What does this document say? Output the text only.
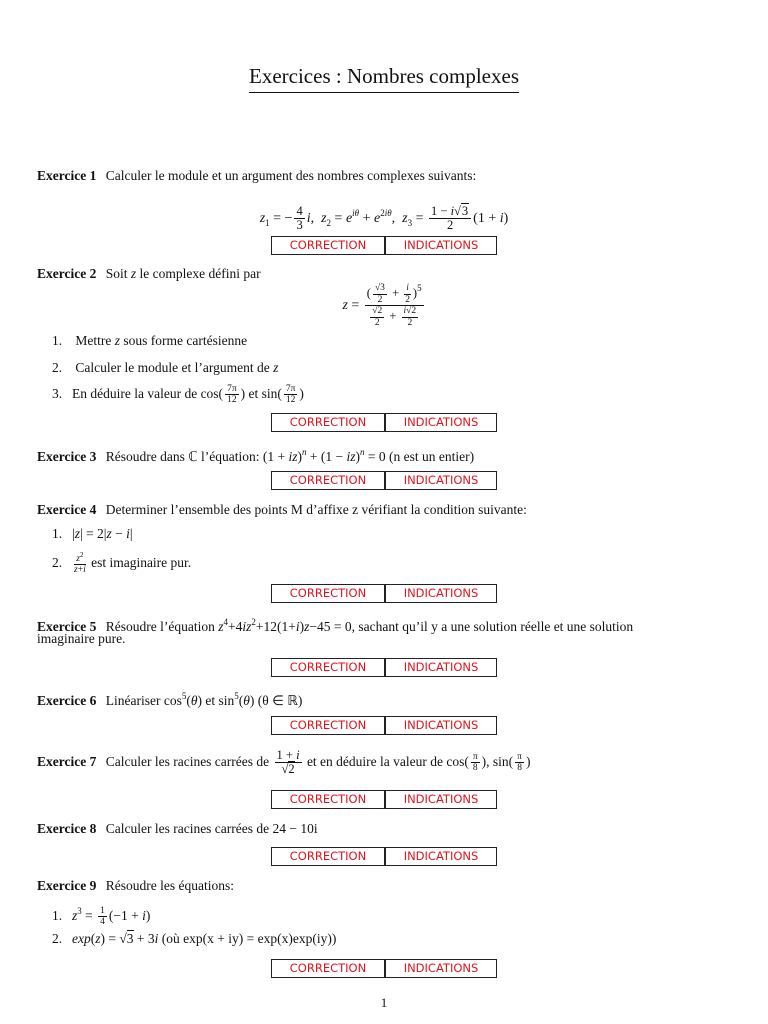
Exercices : Nombres complexes
Exercice 1 Calculer le module et un argument des nombres complexes suivants:
$z_1$ = − $\frac{4}{3} i$,  $z_2 = e^{i\theta} + e^{2i\theta}$,  $z_3 = \frac{1 - i√3}{2} (1 + i)$
CORRECTION	INDICATIONS
Exercice 2 Soit z le complexe défini par
$z = \frac{( \frac{√3}{2} + \frac{i}{2} )^5}{\frac{√2}{2} + \frac{i√2}{2}}$
1. Mettre z sous forme cartésienne
2. Calculer le module et l’argument de z
3. En déduire la valeur de $\cos( \frac{7\pi}{12}$ ) et $\sin( \frac{7\pi}{12}$ )
CORRECTION	INDICATIONS
Exercice 3 Résoudre dans ℂ l’équation: (1 + iz)$^n$ + (1 − iz)$^n$ = 0 (n est un entier)
CORRECTION	INDICATIONS
Exercice 4 Determiner l’ensemble des points M d’affixe z vérifiant la condition suivante:
1. |z| = 2|z − i|
2. $\frac{z^2}{z+i}$ est imaginaire pur.
CORRECTION	INDICATIONS
Exercice 5 Résoudre l’équation $z^4+4iz^2+12(1+i)z-45 = 0$, sachant qu’il y a une solution réelle et une solution
imaginaire pure.
CORRECTION	INDICATIONS
Exercice 6 Linéariser $\cos^5(\theta)$ et $\sin^5(\theta)$ (θ ∈ ℝ)
CORRECTION	INDICATIONS
Exercice 7 Calculer les racines carrées de $\frac{1 + i}{√2}$ et en déduire la valeur de $\cos( \frac{\pi}{8}$ ), $\sin( \frac{\pi}{8}$ )
CORRECTION	INDICATIONS
Exercice 8 Calculer les racines carrées de 24 − 10i
CORRECTION	INDICATIONS
Exercice 9 Résoudre les équations:
1. $z^3 = \frac{1}{4} (-1 + i)$
2. exp(z) = √3 + 3i (où exp(x + iy) = exp(x)exp(iy))
CORRECTION	INDICATIONS
1
